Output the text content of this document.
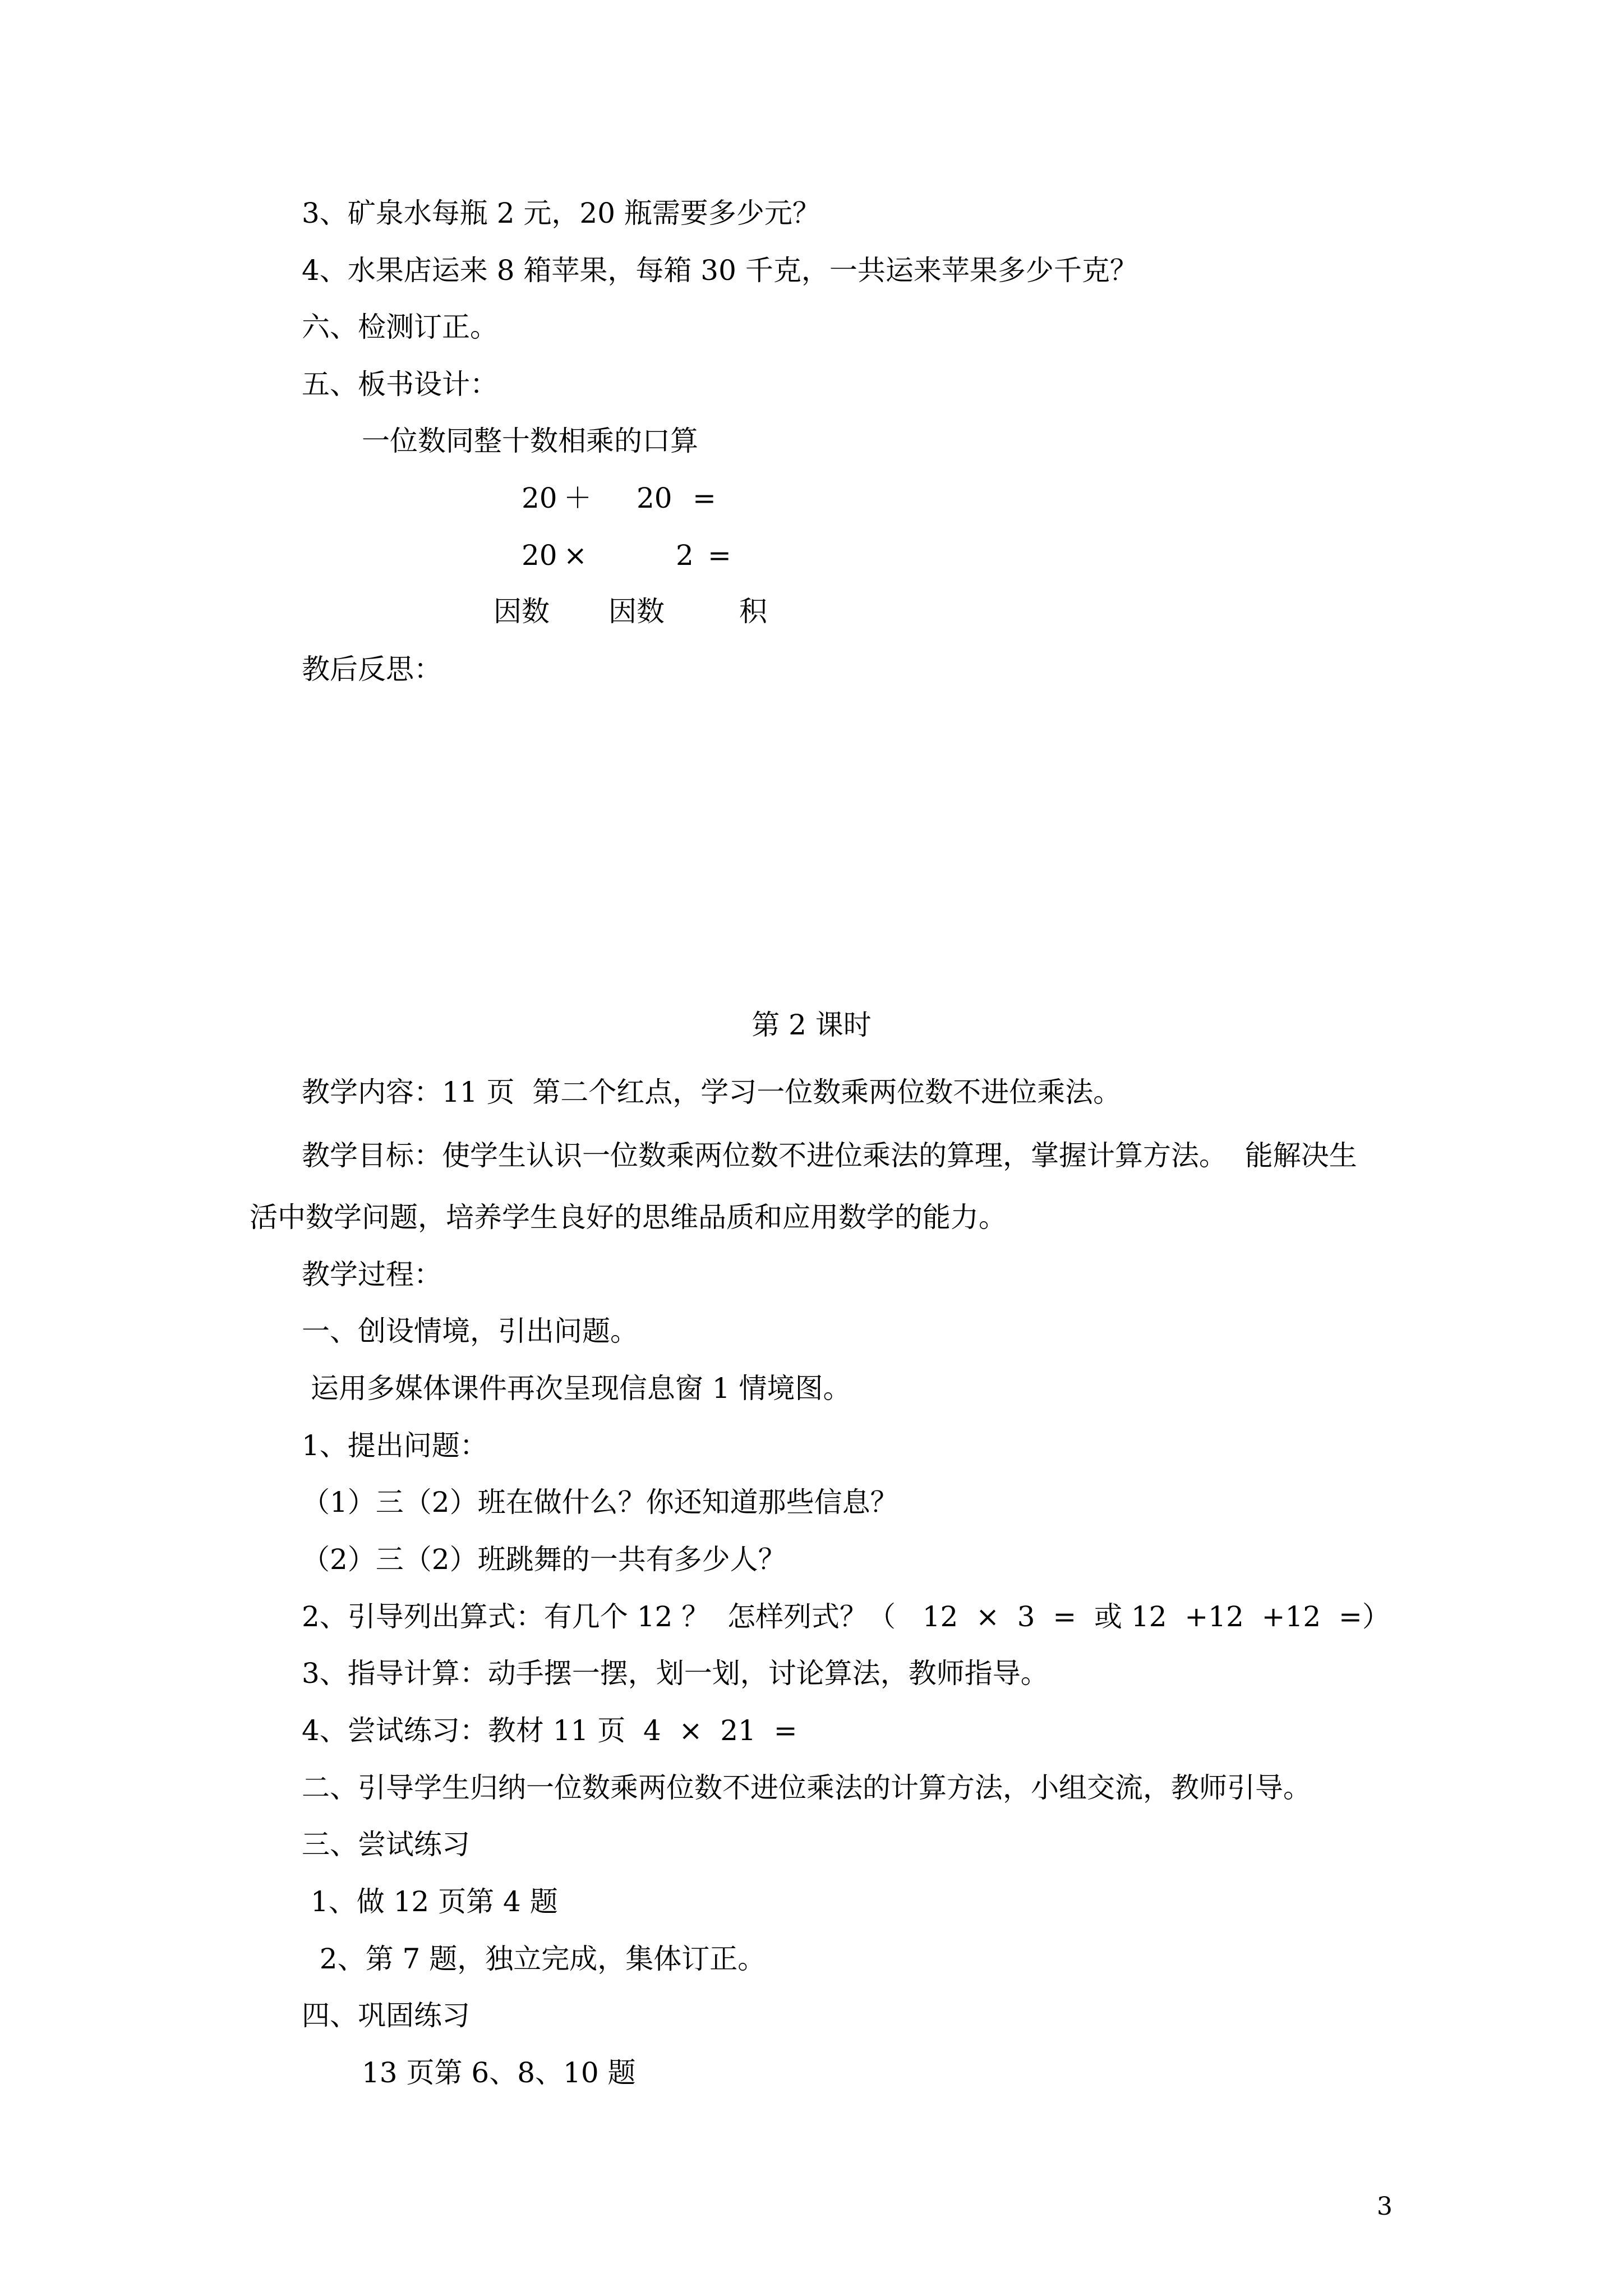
3、矿泉水每瓶 2 元，20 瓶需要多少元？
4、水果店运来 8 箱苹果，每箱 30 千克，一共运来苹果多少千克？
六、检测订正。
五、板书设计：
一位数同整十数相乘的口算
20 ＋ 20 =
20 ×	2 =
因数 因数	积
教后反思：
第 2 课时
教学内容：11 页  第二个红点，学习一位数乘两位数不进位乘法。
教学目标：使学生认识一位数乘两位数不进位乘法的算理，掌握计算方法。  能解决生
活中数学问题，培养学生良好的思维品质和应用数学的能力。
教学过程：
一、创设情境，引出问题。
运用多媒体课件再次呈现信息窗 1 情境图。
1、提出问题：
（1）三（2）班在做什么？你还知道那些信息？
（2）三（2）班跳舞的一共有多少人？
2、引导列出算式：有几个 12 ？  怎样列式？（   12  ×  3  =  或 12  +12  +12  =）
3、指导计算：动手摆一摆，划一划，讨论算法，教师指导。
4、尝试练习：教材 11 页  4  ×  21  =
二、引导学生归纳一位数乘两位数不进位乘法的计算方法，小组交流，教师引导。
三、尝试练习
1、做 12 页第 4 题
2、第 7 题，独立完成，集体订正。
四、巩固练习
13 页第 6、8、10 题
3
